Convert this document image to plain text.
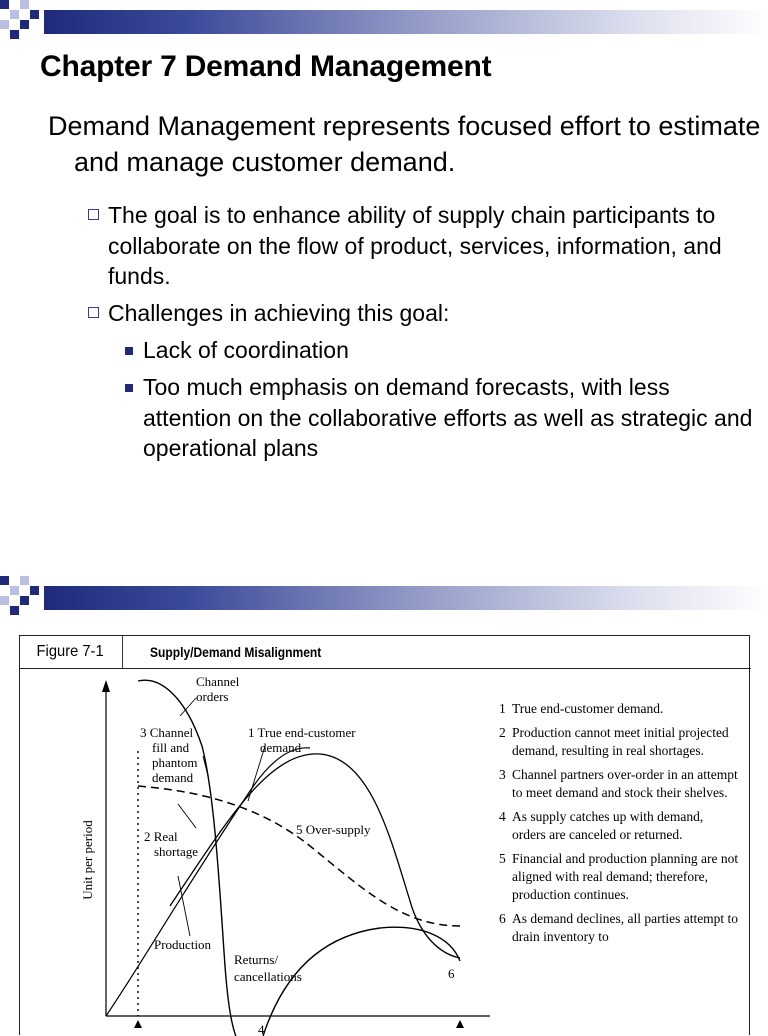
Chapter 7 Demand Management

Demand Management represents focused effort to estimate and manage customer demand.

The goal is to enhance ability of supply chain participants to collaborate on the flow of product, services, information, and funds.
Challenges in achieving this goal:
Lack of coordination
Too much emphasis on demand forecasts, with less attention on the collaborative efforts as well as strategic and operational plans
Figure 7-1	Supply/Demand Misalignment
Unit per period
Channel
orders
3 Channel
fill and
phantom
demand
1 True end-customer
demand
2 Real
shortage
5 Over-supply
Production
Returns/
cancellations	6
4
1 True end-customer demand.
2 Production cannot meet initial projected demand, resulting in real shortages.
3 Channel partners over-order in an attempt to meet demand and stock their shelves.
4 As supply catches up with demand, orders are canceled or returned.
5 Financial and production planning are not aligned with real demand; therefore, production continues.
6 As demand declines, all parties attempt to drain inventory to
